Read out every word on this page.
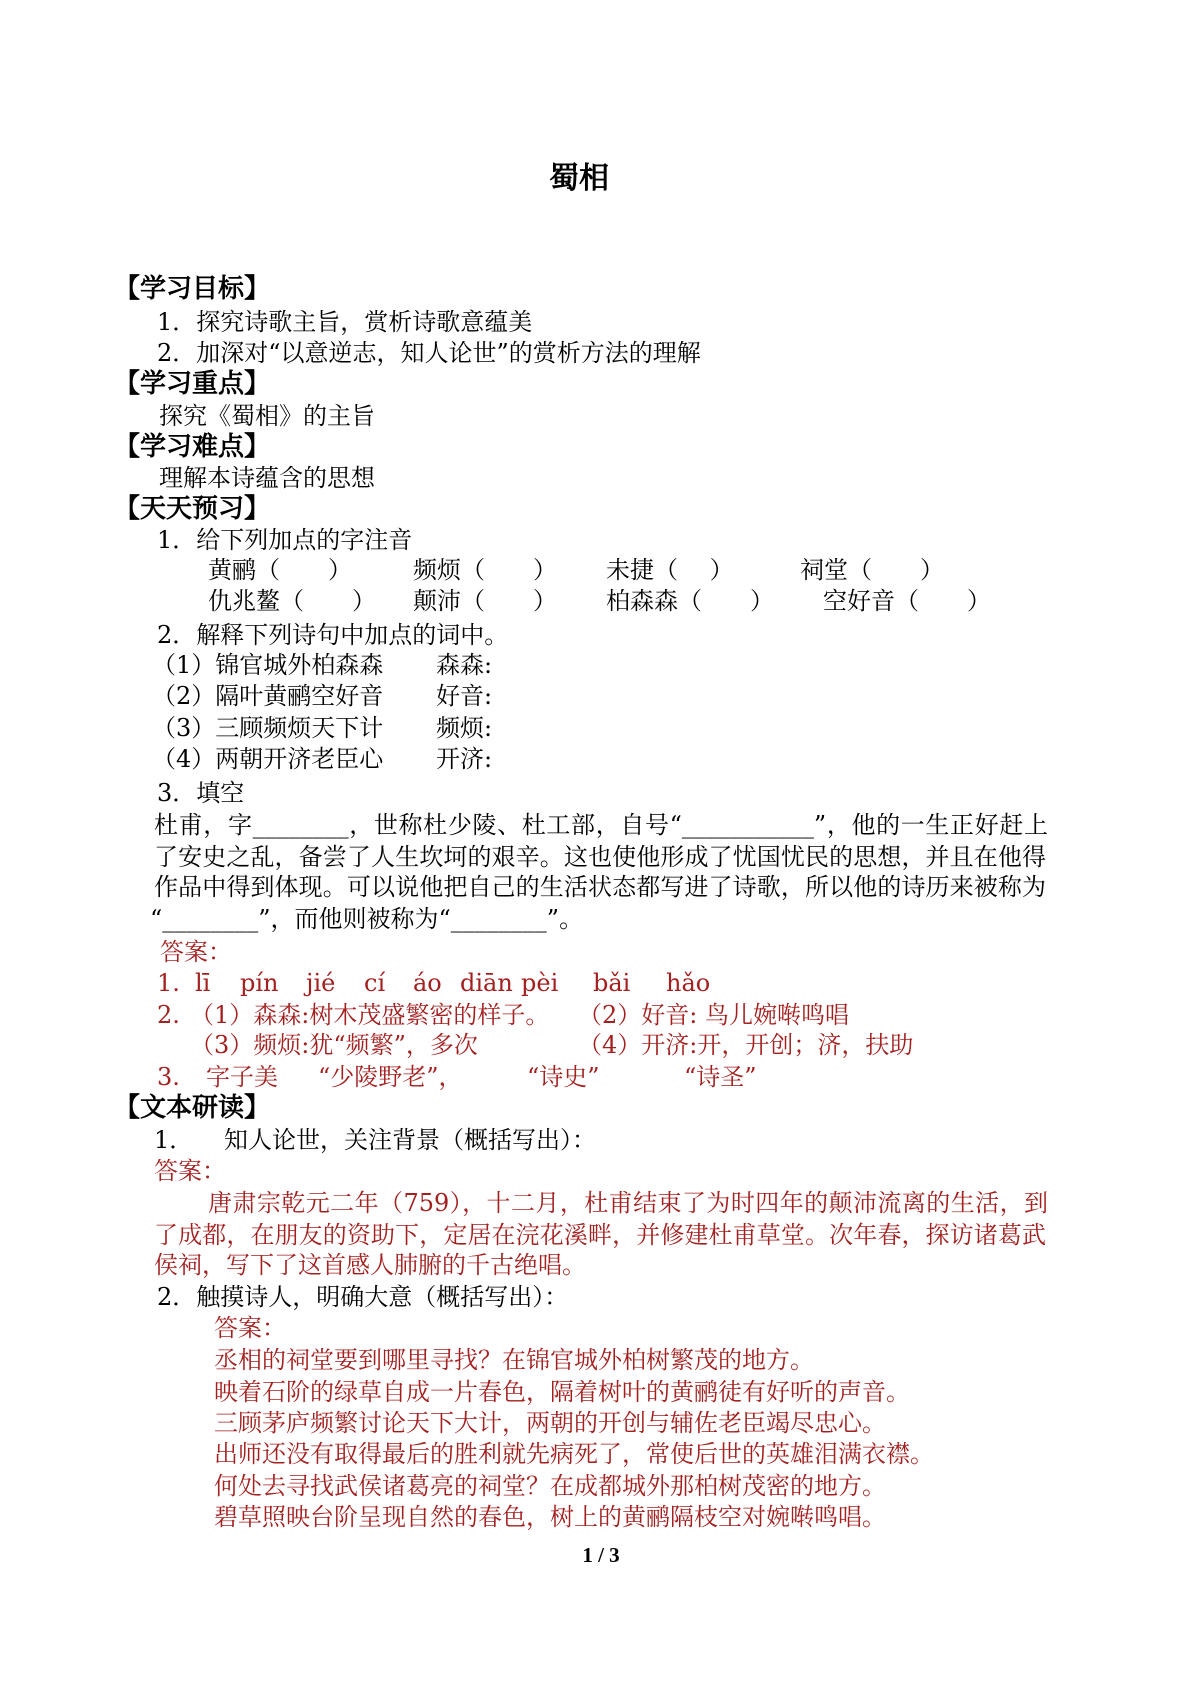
蜀相
【学习目标】
1．探究诗歌主旨，赏析诗歌意蕴美
2．加深对“以意逆志，知人论世”的赏析方法的理解
【学习重点】
探究《蜀相》的主旨
【学习难点】
理解本诗蕴含的思想
【天天预习】
1．给下列加点的字注音
黄鹂（　　）	频烦（　　） 未捷（　 ）	祠堂（　　）
仇兆鳌（　　） 颠沛（　　） 柏森森（　　） 空好音（　　）
2．解释下列诗句中加点的词中。
（1）锦官城外柏森森 森森:
（2）隔叶黄鹂空好音 好音:
（3）三顾频烦天下计 频烦:
（4）两朝开济老臣心 开济:
3．填空
杜甫，字________，世称杜少陵、杜工部，自号“___________”，他的一生正好赶上
了安史之乱，备尝了人生坎坷的艰辛。这也使他形成了忧国忧民的思想，并且在他得
作品中得到体现。可以说他把自己的生活状态都写进了诗歌，所以他的诗历来被称为
“________”，而他则被称为“________”。
答案：
1. lī pín jié cí áo diān pèi bǎi hǎo
2. （1）森森:树木茂盛繁密的样子。 （2）好音: 鸟儿婉啭鸣唱
（3）频烦:犹“频繁”，多次	（4）开济:开，开创；济，扶助
3. 字子美 “少陵野老”，	“诗史”	“诗圣”
【文本研读】
1． 知人论世，关注背景（概括写出）：
答案：
唐肃宗乾元二年（759），十二月，杜甫结束了为时四年的颠沛流离的生活，到
了成都，在朋友的资助下，定居在浣花溪畔，并修建杜甫草堂。次年春，探访诸葛武
侯祠，写下了这首感人肺腑的千古绝唱。
2．触摸诗人，明确大意（概括写出）：
答案：
丞相的祠堂要到哪里寻找？在锦官城外柏树繁茂的地方。
映着石阶的绿草自成一片春色，隔着树叶的黄鹂徒有好听的声音。
三顾茅庐频繁讨论天下大计，两朝的开创与辅佐老臣竭尽忠心。
出师还没有取得最后的胜利就先病死了，常使后世的英雄泪满衣襟。
何处去寻找武侯诸葛亮的祠堂？在成都城外那柏树茂密的地方。
碧草照映台阶呈现自然的春色，树上的黄鹂隔枝空对婉啭鸣唱。
1 / 3
